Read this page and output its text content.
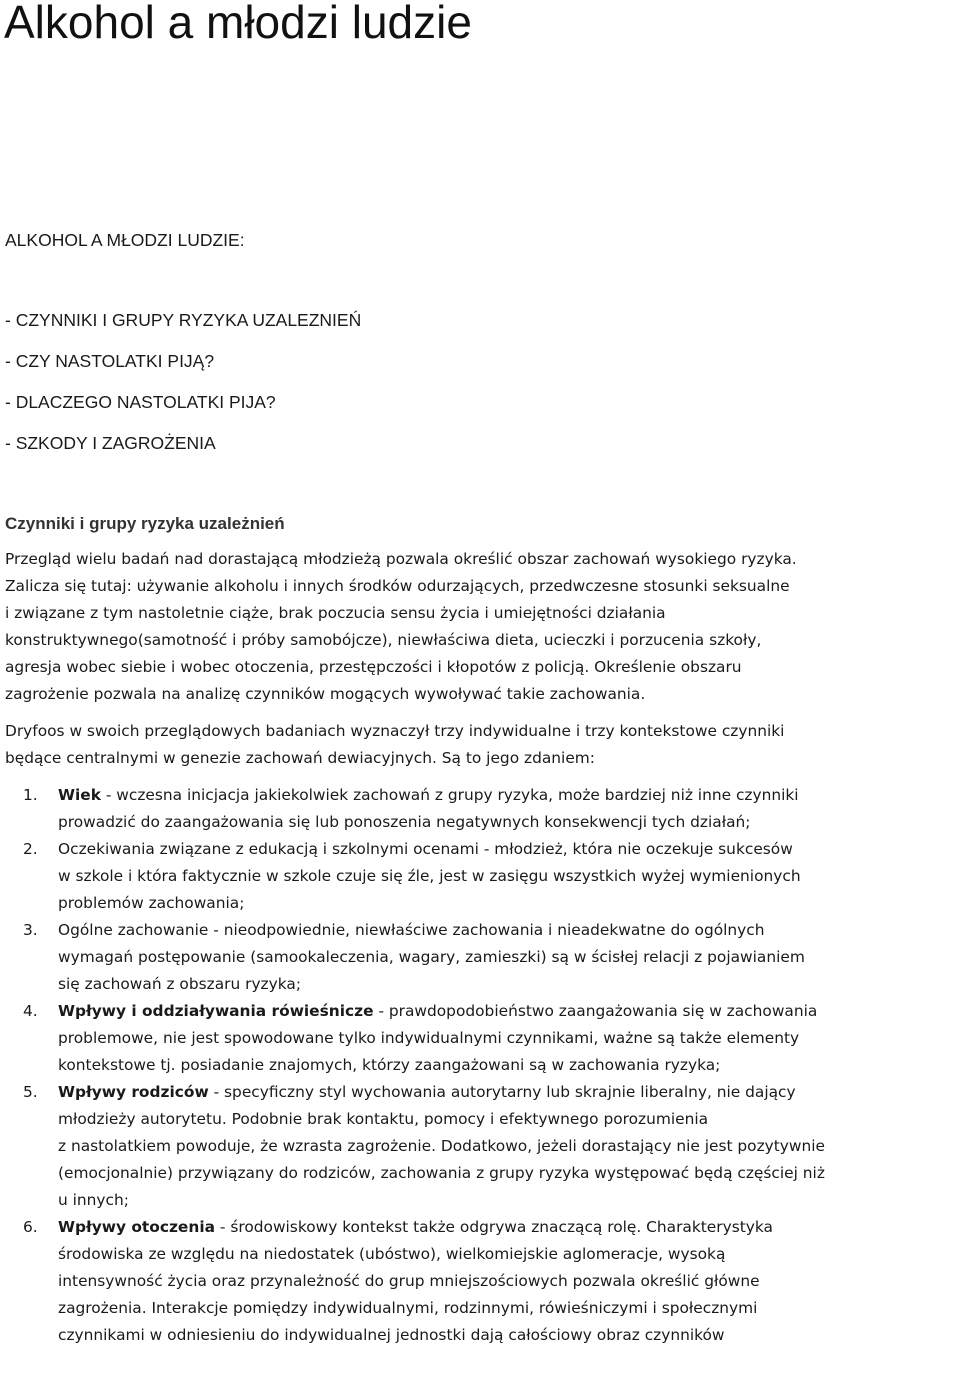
Alkohol a młodzi ludzie

ALKOHOL A MŁODZI LUDZIE:

- CZYNNIKI I GRUPY RYZYKA UZALEZNIEŃ
- CZY NASTOLATKI PIJĄ?
- DLACZEGO NASTOLATKI PIJA?
- SZKODY I ZAGROŻENIA
Czynniki i grupy ryzyka uzależnień

Przegląd wielu badań nad dorastającą młodzieżą pozwala określić obszar zachowań wysokiego ryzyka.
Zalicza się tutaj: używanie alkoholu i innych środków odurzających, przedwczesne stosunki seksualne
i związane z tym nastoletnie ciąże, brak poczucia sensu życia i umiejętności działania
konstruktywnego(samotność i próby samobójcze), niewłaściwa dieta, ucieczki i porzucenia szkoły,
agresja wobec siebie i wobec otoczenia, przestępczości i kłopotów z policją. Określenie obszaru
zagrożenie pozwala na analizę czynników mogących wywoływać takie zachowania.

Dryfoos w swoich przeglądowych badaniach wyznaczył trzy indywidualne i trzy kontekstowe czynniki
będące centralnymi w genezie zachowań dewiacyjnych. Są to jego zdaniem:

1. Wiek - wczesna inicjacja jakiekolwiek zachowań z grupy ryzyka, może bardziej niż inne czynniki
prowadzić do zaangażowania się lub ponoszenia negatywnych konsekwencji tych działań;
2. Oczekiwania związane z edukacją i szkolnymi ocenami - młodzież, która nie oczekuje sukcesów
w szkole i która faktycznie w szkole czuje się źle, jest w zasięgu wszystkich wyżej wymienionych
problemów zachowania;
3. Ogólne zachowanie - nieodpowiednie, niewłaściwe zachowania i nieadekwatne do ogólnych
wymagań postępowanie (samookaleczenia, wagary, zamieszki) są w ścisłej relacji z pojawianiem
się zachowań z obszaru ryzyka;
4. Wpływy i oddziaływania rówieśnicze - prawdopodobieństwo zaangażowania się w zachowania
problemowe, nie jest spowodowane tylko indywidualnymi czynnikami, ważne są także elementy
kontekstowe tj. posiadanie znajomych, którzy zaangażowani są w zachowania ryzyka;
5. Wpływy rodziców - specyficzny styl wychowania autorytarny lub skrajnie liberalny, nie dający
młodzieży autorytetu. Podobnie brak kontaktu, pomocy i efektywnego porozumienia
z nastolatkiem powoduje, że wzrasta zagrożenie. Dodatkowo, jeżeli dorastający nie jest pozytywnie
(emocjonalnie) przywiązany do rodziców, zachowania z grupy ryzyka występować będą częściej niż
u innych;
6. Wpływy otoczenia - środowiskowy kontekst także odgrywa znaczącą rolę. Charakterystyka
środowiska ze względu na niedostatek (ubóstwo), wielkomiejskie aglomeracje, wysoką
intensywność życia oraz przynależność do grup mniejszościowych pozwala określić główne
zagrożenia. Interakcje pomiędzy indywidualnymi, rodzinnymi, rówieśniczymi i społecznymi
czynnikami w odniesieniu do indywidualnej jednostki dają całościowy obraz czynników
